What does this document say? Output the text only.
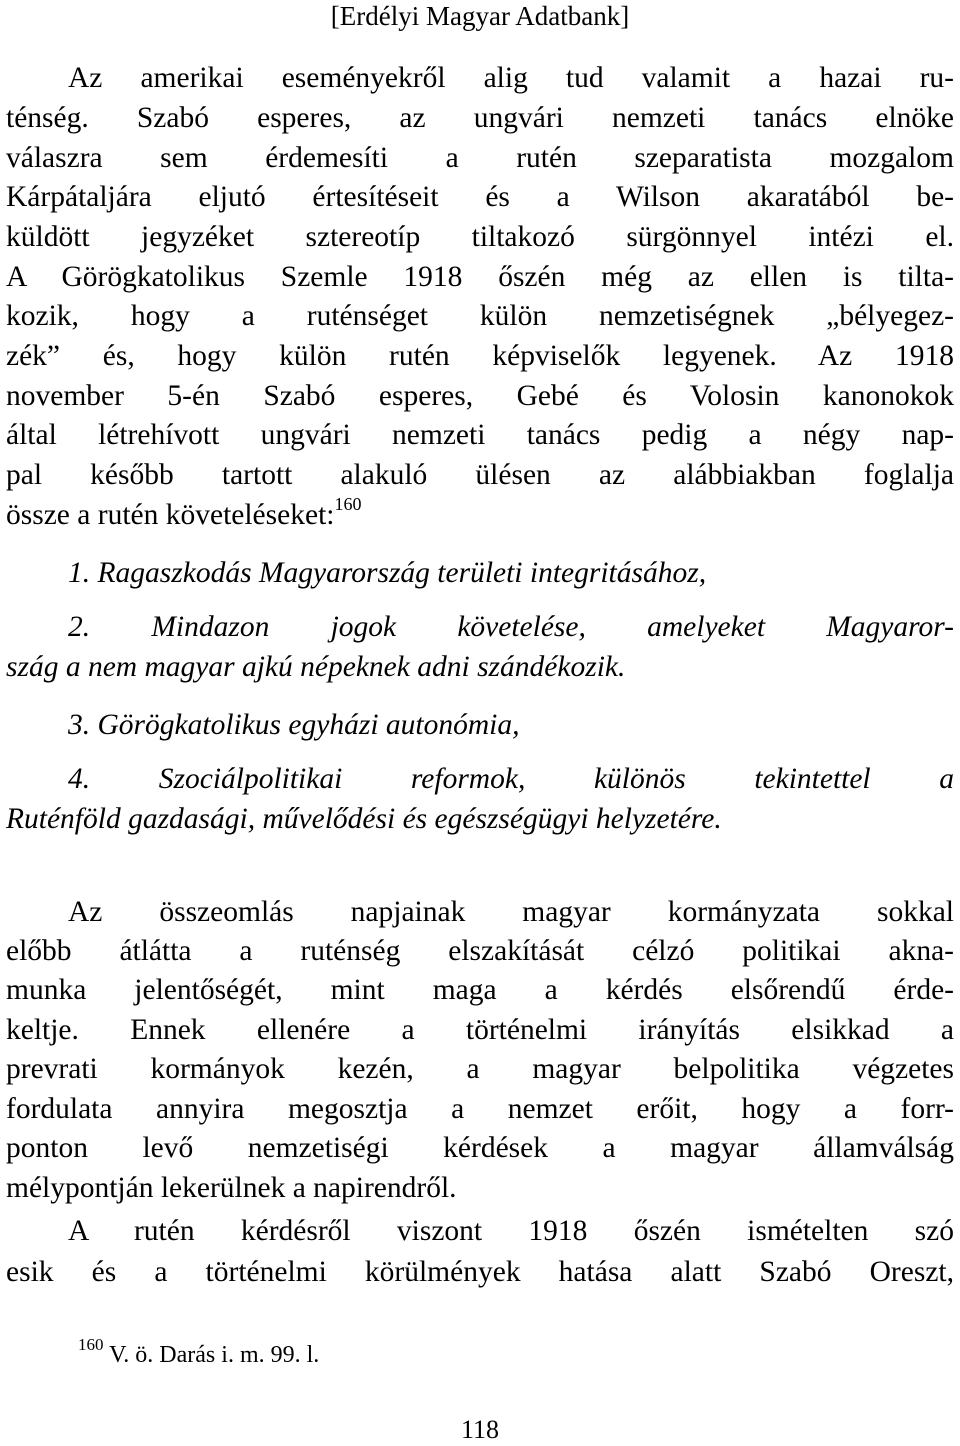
[Erdélyi Magyar Adatbank]
Az amerikai eseményekről alig tud valamit a hazai ru-
ténség. Szabó esperes, az ungvári nemzeti tanács elnöke
válaszra sem érdemesíti a rutén szeparatista mozgalom
Kárpátaljára eljutó értesítéseit és a Wilson akaratából be-
küldött jegyzéket sztereotíp tiltakozó sürgönnyel intézi el.
A Görögkatolikus Szemle 1918 őszén még az ellen is tilta-
kozik, hogy a ruténséget külön nemzetiségnek „bélyegez-
zék” és, hogy külön rutén képviselők legyenek. Az 1918
november 5-én Szabó esperes, Gebé és Volosin kanonokok
által létrehívott ungvári nemzeti tanács pedig a négy nap-
pal később tartott alakuló ülésen az alábbiakban foglalja
össze a rutén követeléseket:$^{160}$
1. Ragaszkodás Magyarország területi integritásához,
2. Mindazon jogok követelése, amelyeket Magyaror-
szág a nem magyar ajkú népeknek adni szándékozik.
3. Görögkatolikus egyházi autonómia,
4. Szociálpolitikai reformok, különös tekintettel a
Ruténföld gazdasági, művelődési és egészségügyi helyzetére.
Az összeomlás napjainak magyar kormányzata sokkal
előbb átlátta a ruténség elszakítását célzó politikai akna-
munka jelentőségét, mint maga a kérdés elsőrendű érde-
keltje. Ennek ellenére a történelmi irányítás elsikkad a
prevrati kormányok kezén, a magyar belpolitika végzetes
fordulata annyira megosztja a nemzet erőit, hogy a forr-
ponton levő nemzetiségi kérdések a magyar államválság
mélypontján lekerülnek a napirendről.
A rutén kérdésről viszont 1918 őszén ismételten szó
esik és a történelmi körülmények hatása alatt Szabó Oreszt,
$^{160}$ V. ö. Darás i. m. 99. l.
118
